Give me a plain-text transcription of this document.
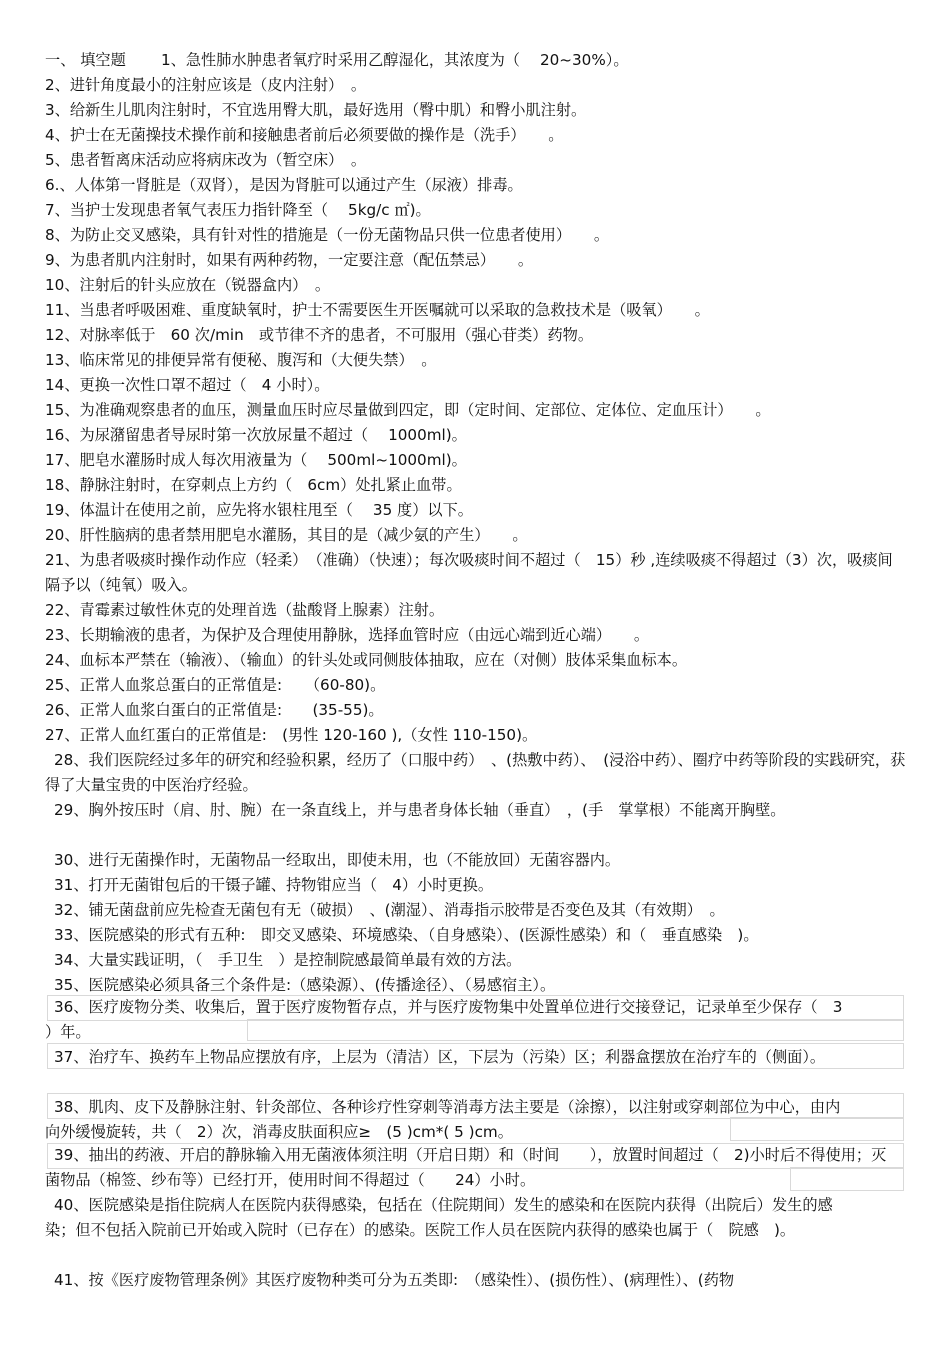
一、 填空题　　 1、急性肺水肿患者氧疗时采用乙醇湿化，其浓度为（　 20~30%）。
2、进针角度最小的注射应该是（皮内注射）　。
3、给新生儿肌肉注射时，不宜选用臀大肌，最好选用（臀中肌）和臀小肌注射。
4、护士在无菌操技术操作前和接触患者前后必须要做的操作是（洗手）　　。
5、患者暂离床活动应将病床改为（暂空床）　。
6.、人体第一肾脏是（双肾），是因为肾脏可以通过产生（尿液）排毒。
7、当护士发现患者氧气表压力指针降至（　 5kg/c ㎡)。
8、为防止交叉感染，具有针对性的措施是（一份无菌物品只供一位患者使用）　　。
9、为患者肌内注射时，如果有两种药物，一定要注意（配伍禁忌）　　。
10、注射后的针头应放在（锐器盒内）　。
11、当患者呼吸困难、重度缺氧时，护士不需要医生开医嘱就可以采取的急救技术是（吸氧）　　。
12、对脉率低于　60 次/min　或节律不齐的患者，不可服用（强心苷类）药物。
13、临床常见的排便异常有便秘、腹泻和（大便失禁）　。
14、更换一次性口罩不超过（　4 小时）。
15、为准确观察患者的血压，测量血压时应尽量做到四定，即（定时间、定部位、定体位、定血压计）　　。
16、为尿潴留患者导尿时第一次放尿量不超过（　 1000ml)。
17、肥皂水灌肠时成人每次用液量为（　 500ml~1000ml)。
18、静脉注射时，在穿刺点上方约（　6cm）处扎紧止血带。
19、体温计在使用之前，应先将水银柱甩至（　 35 度）以下。
20、肝性脑病的患者禁用肥皂水灌肠，其目的是（减少氨的产生）　　。
21、为患者吸痰时操作动作应（轻柔）　（准确）（快速）；每次吸痰时间不超过（　15）秒 ,连续吸痰不得超过（3）次，吸痰间隔予以（纯氧）吸入。
22、青霉素过敏性休克的处理首选（盐酸肾上腺素）注射。
23、长期输液的患者，为保护及合理使用静脉，选择血管时应（由远心端到近心端）　　。
24、血标本严禁在（输液）、（输血）的针头处或同侧肢体抽取，应在（对侧）肢体采集血标本。
25、正常人血浆总蛋白的正常值是:　　（60-80)。
26、正常人血浆白蛋白的正常值是:　　(35-55)。
27、正常人血红蛋白的正常值是:　(男性 120-160 ),（女性 110-150)。
28、我们医院经过多年的研究和经验积累，经历了（口服中药）　、(热敷中药）、　(浸浴中药）、圈疗中药等阶段的实践研究，获得了大量宝贵的中医治疗经验。
29、胸外按压时（肩、肘、腕）在一条直线上，并与患者身体长轴（垂直）　，(手　掌掌根）不能离开胸壁。
30、进行无菌操作时，无菌物品一经取出，即使未用，也（不能放回）无菌容器内。
31、打开无菌钳包后的干镊子罐、持物钳应当（　4）小时更换。
32、铺无菌盘前应先检查无菌包有无（破损）　、(潮湿）、消毒指示胶带是否变色及其（有效期）　。
33、医院感染的形式有五种:　即交叉感染、环境感染、（自身感染）、(医源性感染）和（　垂直感染　)。
34、大量实践证明，（　手卫生　）是控制院感最简单最有效的方法。
35、医院感染必须具备三个条件是:（感染源）、(传播途径）、（易感宿主）。
36、医疗废物分类、收集后，置于医疗废物暂存点，并与医疗废物集中处置单位进行交接登记，记录单至少保存（　3　）年。
37、治疗车、换药车上物品应摆放有序，上层为（清洁）区，下层为（污染）区；利器盒摆放在治疗车的（侧面）。
38、肌肉、皮下及静脉注射、针灸部位、各种诊疗性穿刺等消毒方法主要是（涂擦），以注射或穿刺部位为中心，由内向外缓慢旋转，共（　2）次，消毒皮肤面积应≥　(5 )cm*( 5 )cm。
39、抽出的药液、开启的静脉输入用无菌液体须注明（开启日期）和（时间　　），放置时间超过（　2)小时后不得使用；灭菌物品（棉签、纱布等）已经打开，使用时间不得超过（　　24）小时。
40、医院感染是指住院病人在医院内获得感染，包括在（住院期间）发生的感染和在医院内获得（出院后）发生的感染；但不包括入院前已开始或入院时（已存在）的感染。医院工作人员在医院内获得的感染也属于（　院感　)。
41、按《医疗废物管理条例》其医疗废物种类可分为五类即:　（感染性）、(损伤性）、(病理性）、(药物
